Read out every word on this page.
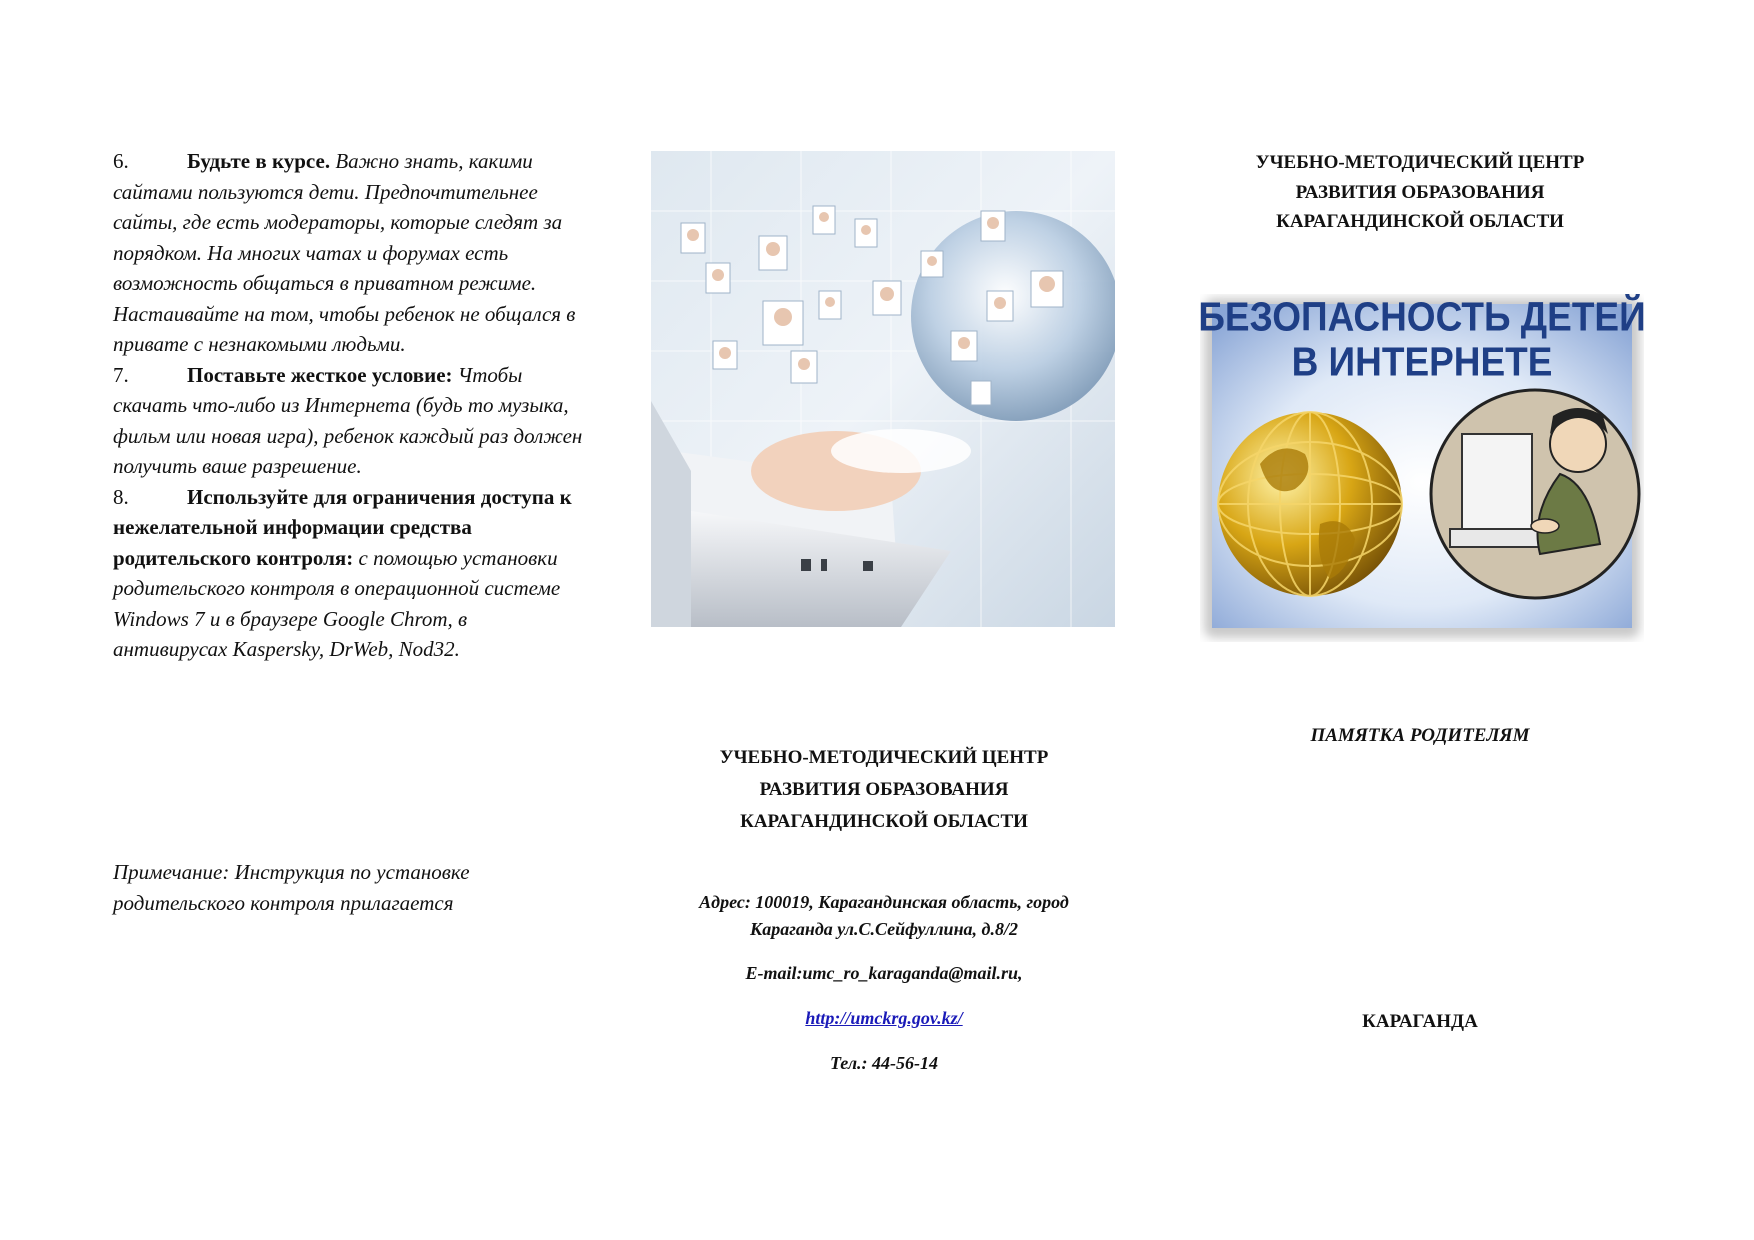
6.	Будьте в курсе. Важно знать, какими сайтами пользуются дети. Предпочтительнее сайты, где есть модераторы, которые следят за порядком. На многих чатах и форумах есть возможность общаться в приватном режиме. Настаивайте на том, чтобы ребенок не общался в привате с незнакомыми людьми.

7.	Поставьте жесткое условие: Чтобы скачать что-либо из Интернета (будь то музыка, фильм или новая игра), ребенок каждый раз должен получить ваше разрешение.

8.	Используйте для ограничения доступа к нежелательной информации средства родительского контроля: с помощью установки родительского контроля в операционной системе Windows 7 и в браузере Google Chrom, в антивирусах Kaspersky, DrWeb, Nod32.

Примечание: Инструкция по установке родительского контроля прилагается
УЧЕБНО-МЕТОДИЧЕСКИЙ ЦЕНТР
РАЗВИТИЯ ОБРАЗОВАНИЯ
КАРАГАНДИНСКОЙ ОБЛАСТИ

Адрес: 100019, Карагандинская область, город
Караганда ул.С.Сейфуллина, д.8/2

E-mail:umc_ro_karaganda@mail.ru,

http://umckrg.gov.kz/

Тел.: 44-56-14

УЧЕБНО-МЕТОДИЧЕСКИЙ ЦЕНТР
РАЗВИТИЯ ОБРАЗОВАНИЯ
КАРАГАНДИНСКОЙ ОБЛАСТИ
БЕЗОПАСНОСТЬ ДЕТЕЙ
В ИНТЕРНЕТЕ
ПАМЯТКА РОДИТЕЛЯМ
КАРАГАНДА
